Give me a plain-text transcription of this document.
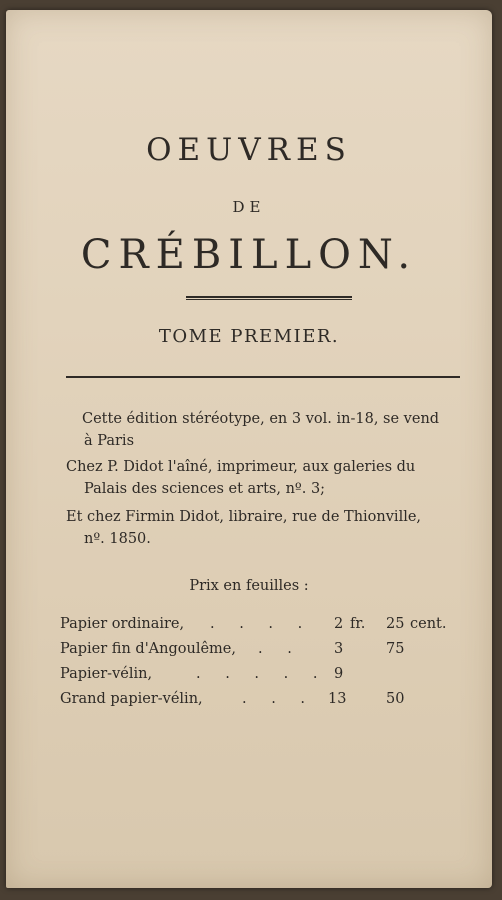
OEUVRES
DE
CRÉBILLON.
TOME PREMIER.
Cette édition stéréotype, en 3 vol. in-18, se vend
à Paris
Chez P. Didot l'aîné, imprimeur, aux galeries du
Palais des sciences et arts, nº. 3;
Et chez Firmin Didot, libraire, rue de Thionville,
nº. 1850.
Prix en feuilles :
Papier ordinaire, . . . . 2 fr. 25 cent.
Papier fin d'Angoulême, . . 3	75
Papier-vélin,	. . . . . 9
Grand papier-vélin,	. . . 13	50
